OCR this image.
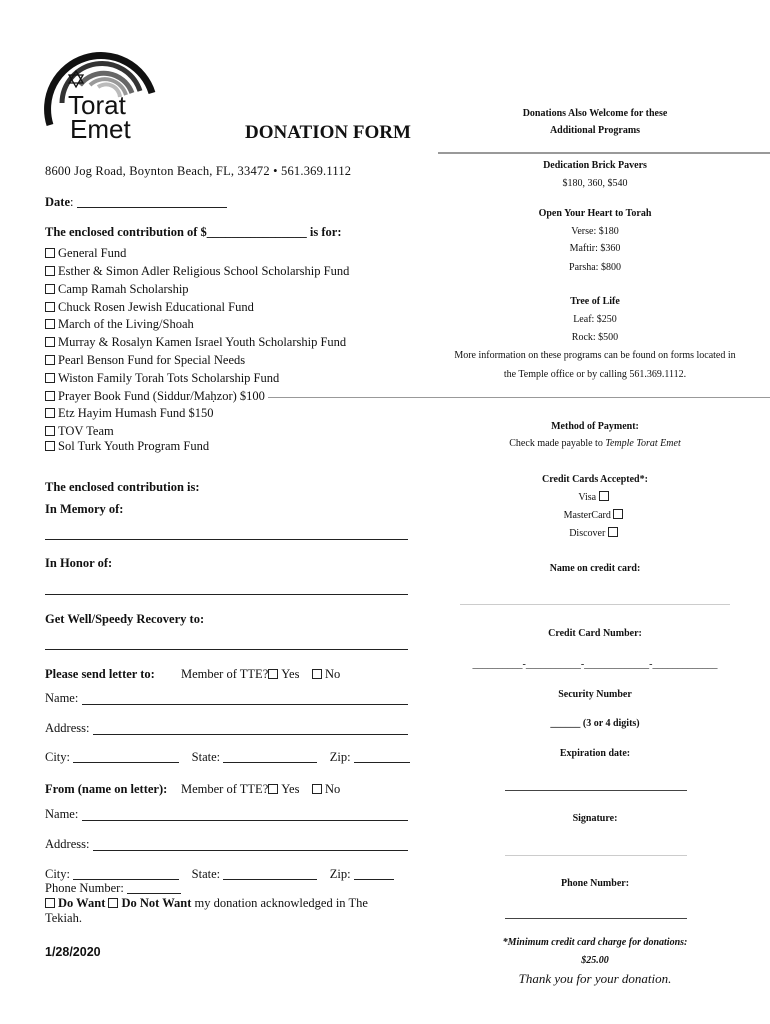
Torat
Emet	DONATION FORM
8600 Jog Road, Boynton Beach, FL, 33472 • 561.369.1112
Date:
The enclosed contribution of $________________ is for:
General Fund
Esther & Simon Adler Religious School Scholarship Fund
Camp Ramah Scholarship
Chuck Rosen Jewish Educational Fund
March of the Living/Shoah
Murray & Rosalyn Kamen Israel Youth Scholarship Fund
Pearl Benson Fund for Special Needs
Wiston Family Torah Tots Scholarship Fund
Prayer Book Fund (Siddur/Maḥzor) $100
Etz Hayim Humash Fund $150
TOV Team
Sol Turk Youth Program Fund
The enclosed contribution is:
In Memory of:
In Honor of:
Get Well/Speedy Recovery to:
Please send letter to: Member of TTE? Yes No
Name:
Address:
City:	State:	Zip:
From (name on letter): Member of TTE? Yes No
Name:
Address:
City:	State:	Zip:
Phone Number:
Do Want Do Not Want my donation acknowledged in The Tekiah.
1/28/2020
Donations Also Welcome for these
Additional Programs
Dedication Brick Pavers
$180, 360, $540
Open Your Heart to Torah
Verse: $180
Maftir: $360
Parsha: $800
Tree of Life
Leaf: $250
Rock: $500
More information on these programs can be found on forms located in
the Temple office or by calling 561.369.1112.
Method of Payment:
Check made payable to Temple Torat Emet
Credit Cards Accepted*:
Visa
MasterCard
Discover
Name on credit card:
Credit Card Number:
__________-___________-_____________-_____________
Security Number
______ (3 or 4 digits)
Expiration date:
Signature:
Phone Number:
*Minimum credit card charge for donations:
$25.00
Thank you for your donation.
